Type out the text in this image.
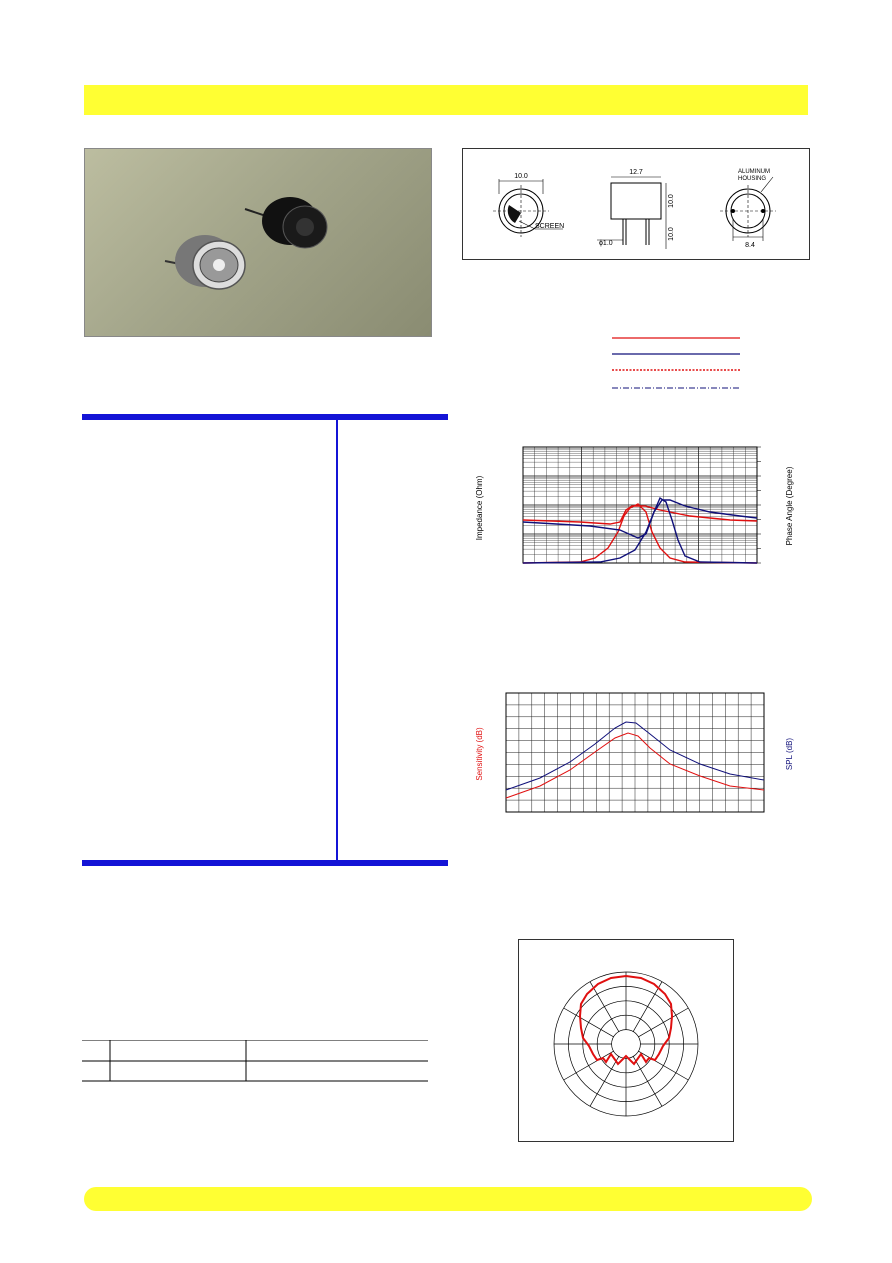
10.0
SCREEN
12.7
10.0
10.0
ϕ1.0
ALUMINUM
HOUSING
8.4
Impedance (Ohm)	Phase Angle (Degree)
Sensitivity (dB)	SPL (dB)
